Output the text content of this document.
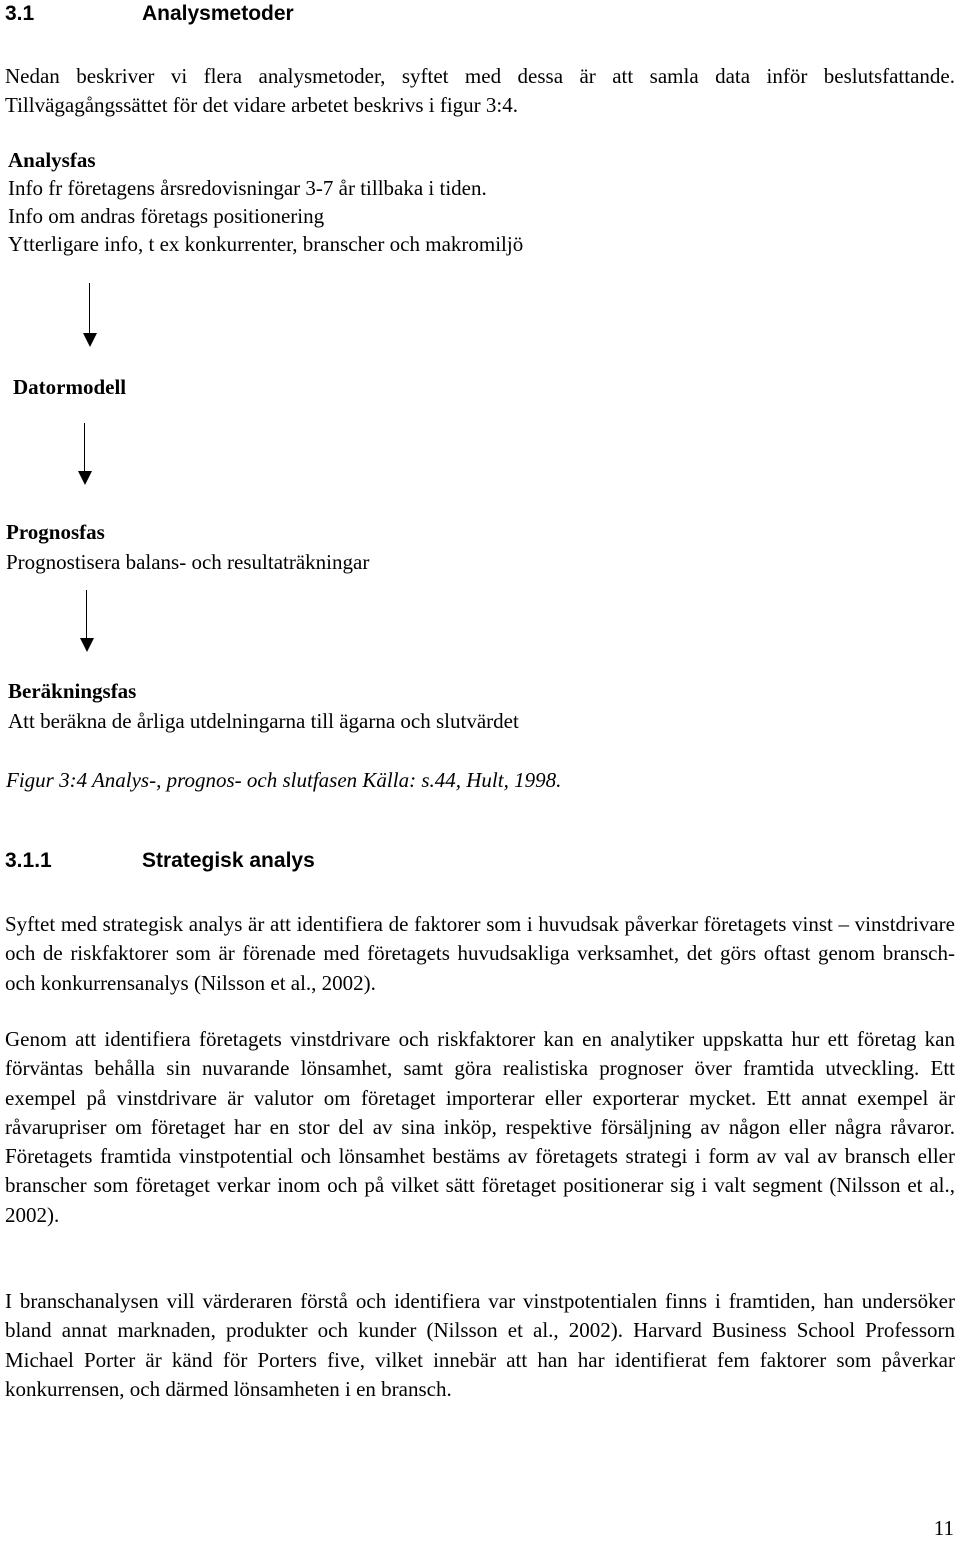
3.1	Analysmetoder
Nedan beskriver vi flera analysmetoder, syftet med dessa är att samla data inför beslutsfattande. Tillvägagångssättet för det vidare arbetet beskrivs i figur 3:4.
Analysfas
Info fr företagens årsredovisningar 3-7 år tillbaka i tiden.
Info om andras företags positionering
Ytterligare info, t ex konkurrenter, branscher och makromiljö
Datormodell
Prognosfas
Prognostisera balans- och resultaträkningar
Beräkningsfas
Att beräkna de årliga utdelningarna till ägarna och slutvärdet
Figur 3:4 Analys-, prognos- och slutfasen Källa: s.44, Hult, 1998.
3.1.1	Strategisk analys
Syftet med strategisk analys är att identifiera de faktorer som i huvudsak påverkar företagets vinst – vinstdrivare och de riskfaktorer som är förenade med företagets huvudsakliga verksamhet, det görs oftast genom bransch- och konkurrensanalys (Nilsson et al., 2002).
Genom att identifiera företagets vinstdrivare och riskfaktorer kan en analytiker uppskatta hur ett företag kan förväntas behålla sin nuvarande lönsamhet, samt göra realistiska prognoser över framtida utveckling. Ett exempel på vinstdrivare är valutor om företaget importerar eller exporterar mycket. Ett annat exempel är råvarupriser om företaget har en stor del av sina inköp, respektive försäljning av någon eller några råvaror. Företagets framtida vinstpotential och lönsamhet bestäms av företagets strategi i form av val av bransch eller branscher som företaget verkar inom och på vilket sätt företaget positionerar sig i valt segment (Nilsson et al., 2002).
I branschanalysen vill värderaren förstå och identifiera var vinstpotentialen finns i framtiden, han undersöker bland annat marknaden, produkter och kunder (Nilsson et al., 2002). Harvard Business School Professorn Michael Porter är känd för Porters five, vilket innebär att han har identifierat fem faktorer som påverkar konkurrensen, och därmed lönsamheten i en bransch.
11
